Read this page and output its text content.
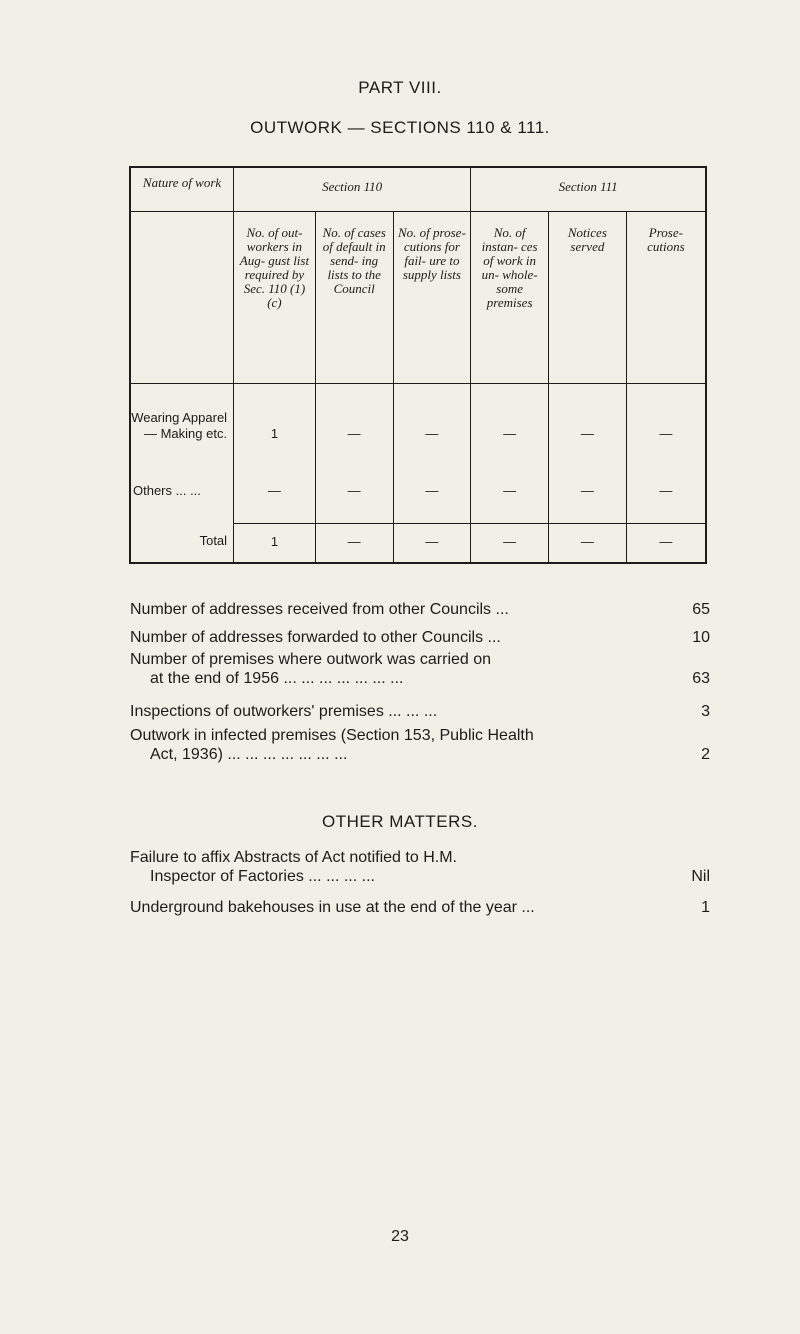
PART VIII.
OUTWORK — SECTIONS 110 & 111.
Nature of work	Section 110			Section 111		
	No. of out- workers in Aug- gust list required by Sec. 110 (1) (c)	No. of cases of default in send- ing lists to the Council	No. of prose- cutions for fail- ure to supply lists	No. of instan- ces of work in un- whole- some premises	Notices served	Prose- cutions

Wearing Apparel
— Making etc.	1	—	—	—	—	—
Others ... ...	—	—	—	—	—	—
Total	1	—	—	—	—	—
Number of addresses received from other Councils ...	65
Number of addresses forwarded to other Councils ...	10
Number of premises where outwork was carried on
at the end of 1956 ... ... ... ... ... ... ...	63
Inspections of outworkers' premises ... ... ...	3
Outwork in infected premises (Section 153, Public Health
Act, 1936) ... ... ... ... ... ... ...	2
OTHER MATTERS.
Failure to affix Abstracts of Act notified to H.M.
Inspector of Factories ... ... ... ...	Nil
Underground bakehouses in use at the end of the year ...	1
23
